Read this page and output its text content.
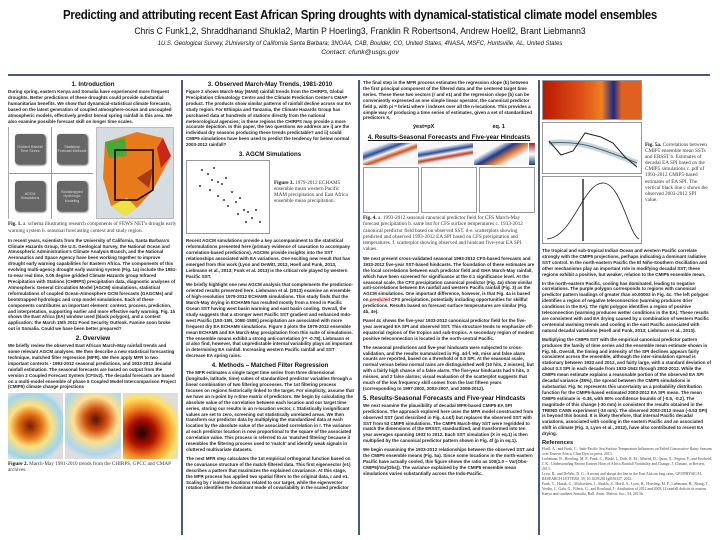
Predicting and attributing recent East African Spring droughts with dynamical-statistical climate model ensembles
Chris C Funk1,2, Shraddhanand Shukla2, Martin P Hoerling3, Franklin R Robertson4, Andrew Hoell2, Brant Liebmann3
1U.S. Geological Survey, 2University of California Santa Barbara; 3NOAA, CAB, Boulder, CO, United States, 4NASA, MSFC, Huntsville, AL, United States
Contact: cfunk@usgs.gov
1. Introduction
During spring, eastern Kenya and Somalia have experienced more frequent droughts. Better predictions of these droughts could provide substantial humanitarian benefits. We show that dynamical-statistical climate forecasts, based on the latest generation of coupled atmosphere-ocean and uncoupled atmospheric models, effectively predict boreal spring rainfall in this area. We also examine possible forecast skill on longer time scales.
Gridded Rainfall Time Series
Statistical Forecast Methods
AGCM Simulations
Bootstrapped Hydrologic Modeling
Fig. 1. a. schema illustrating research components of FEWS NET's drought early warning system b. seasonal forecasting context and study region.
In recent years, scientists from the University of California, Santa Barbara's Climate Hazards Group, the U.S. Geological Survey, the National Ocean and Atmospheric Administration's Climate Analysis Branch, and the National Aeronautics and Space Agency have been working together to improve drought early warning capabilities for Eastern Africa. The components of this evolving multi-agency drought early warning system (Fig. 1a) include the 1981-to-near real time, 0.05 degree gridded Climate Hazards group Infrared Precipitation with Stations (CHIRPS) precipitation data, diagnostic analyses of Atmospheric General Circulation Model (AGCM) simulations, statistical reformulations of coupled Ocean-Atmosphere GCM forecasts (GAGCMs) and bootstrapped hydrologic and crop model simulations. Each of these components contributes an important element: context, process, prediction, and interpretation, supporting earlier and more effective early warning. Fig. 1b shows the East Africa (EA) window used (black polygon), and a context application: the March 15th 2011 Food Security Outlook. Famine soon broke out in Somalia. Could we have been better prepared?
2. Overview
We briefly review the observed East African March-May rainfall trends and some relevant AGCM analyses. We then describe a new statistical forecasting technique, matched filter regression (MFR). We then apply MFR to two important contexts - 1993-2012 seasonal predictions, and 1933-2012 decadal rainfall estimation. The seasonal forecasts are based on output from the version 2 Coupled Forecast System (CFSv2). The decadal forecasts are based on a multi-model ensemble of phase 5 Coupled Model Intercomparison Project (CMIP5) climate change projections
Figure 2. March-May 1981-2010 trends from the CHIRPS, GPCC and CMAP archives.
3. Observed March-May Trends, 1981-2010
Figure 2 shows March-May (MAM) rainfall trends from the CHIRPS, Global Precipitation Climatology Centre and the Climate Prediction Center's CMAP product. The products show similar patterns of rainfall decline across our EA study region. For Ethiopia and Tanzania, the Climate Hazards Group has purchased data at hundreds of stations directly from the national meteorological agencies; in these regions the CHIRPS may provide a more accurate depiction. In this paper, the two questions we address are i) are the individual dry seasons producing these trends predictable? and ii) could CMIP5 simulations have been used to predict the tendency for below normal 2003-2012 rainfall?
3. AGCM Simulations
Figure 3. 1979-2012 ECHAM5 ensemble mean western Pacific MAM precipitation and East Africa ensemble mean precipitation.
Recent AGCM simulations provide a key accompaniment to the statistical reformulations presented here (primary evidence of causation to accompany correlation-based predictions). AGCMs provide insights into the SST relationships associated with EA variations. One exciting new result that has emerged from this work (Lyon and DeWitt, 2012, Hoell and Funk, 2013, Liebmann et al., 2013; Funk et al. 2013) is the critical role played by western Pacific SST.
We briefly highlight one new AGCM analysis that complements the prediction-oriented results presented here. Liebmann et al. (2013) examine an ensemble of high-resolution 1979-2012 ECHAM5 simulations. This study finds that the March-May drying in ECHAM5 has resulted mostly from a trend in Pacific Ocean SST having west basin warming and east basin cooling. Overall, the study suggests that a stronger west Pacific SST gradient and enhanced Indo-west Pacific (15S-15N, 105E-150E) precipitation are associated with more frequent dry EA ECHAM5 simulations. Figure 3 plots the 1979-2012 ensemble mean ECHAM5 and EA March-May precipitation from this suite of simulations. The ensemble means exhibit a strong anti-correlation (r= -0.78). Liebmann et al also find, however, that unpredictable internal variability plays an important in determining EA rainfall. Increasing western Pacific rainfall and SST decrease EA spring rains.
4. Methods – Matched Filter Regression
The MFR estimates a single target time series from three dimensional (longitude, latitude, time) cubes of standardized predictor variables through a linear combination of two filtering processes. The 1st filtering process focuses on regions historically linked to the target. For simplicity, assume that we have an n-point by n-time matrix of predictors. We begin by calculating the absolute value of the correlation between each location and our target time series, storing our results in an n-location vector, r. Statistically insignificant values are set to zero, screening out statistically unrelated areas. We then transform our predictor data by multiplying the standardized data at each location by the absolute value of the associated correlation in r. The variance at each predictor location is now proportional to the square of the associated correlation value. This process is referred to as 'matched filtering' because it resembles the filtering process used to 'match' and identify weak signals in cluttered multivariate datasets.
The next MFR step calculates the 1st empirical orthogonal function based on the covariance structure of the match-filtered data. This first eigenvector (e1) describes a pattern that maximizes the explained covariance. At this stage, the MFR process has applied two spatial filters to the original data, r and e1. Scaling by r isolates locations related to our target, while the eigenvector rotation identifies the dominant mode of covariability in the scaled predictor
The final step in the MFR process estimates the regression slope (b) between the first principal component of the filtered data and the centered target time series. These these two vectors (r and e1) and the regression slope (b) can be conveniently expressed as one simple linear operator, the canonical predictor field p, with pi = brie1i where i indexes over all the n-locations. This provides a simple way of producing a time series of estimates, given a set of standardized predictors X,
ŷest=pX	eq. 1
4. Results-Seasonal Forecasts and Five-year Hindcasts
Fig. 4. a. 1993-2012 seasonal canonical predictor field for CFS March-May forecast precipitation b. same but for CFS surface temperatures c. 1933-2012 canonical predictor field based on observed SST. d-e. scatterplots showing predicted and observed 1993-2012 EA SPI based on CFS precipitation and temperatures. f. scatterplot showing observed and hindcast five-year EA SPI values.
We next present cross-validated seasonal 1993-2012 CFS-based forecasts and 1933-2012 five-year SST-based hindcasts. The foundation of these estimates are the local correlations between each predictor field and GHA March-May rainfall, which have been screened for significance at the 0.1 significance level. At the seasonal scale, the CFS precipitation canonical predictor (Fig. 4a) show similar anti-correlations between EA rainfall and western Pacific rainfall (Fig. 3) as the AGCM simulations. One important difference, however, is that Fig. 4a is based on predicted CFS precipitation, potentially including opportunities for skillful predictions. Results based on forecast surface temperatures are similar (Fig. 4b, 4e).
Panel 4c shows the five-year 1933-2012 canonical predictor field for the five-year averaged EA SPI and observed SST. This structure tends to emphasize off-equatorial regions of the tropics and sub-tropics. A secondary region of modest positive teleconnection is located in the north-central Pacific.
The seasonal predictions and five-year hindcasts were subjected to cross-validation, and the results summarized in Fig. 4d-f. Hit, miss and false alarm counts are reported, based on a threshold of 0.0 SPI. At the seasonal scale, normal versus below normal rains are distinguished well (10 hits, 2 misses), but with a fairly high chance of a false alarm. The five-year hindcasts had 5 hits, 3 misses, and 2 false alarms; visual evaluation of the scatterplot suggests that much of the low frequency skill comes from the last fifteen years (corresponding to 1997-2002, 2003-2007, and 2008-2012).
5. Results-Seasonal Forecasts and Five-year Hindcasts
We next examine the plausibility of decadal MFR-based CMIP5 EA SPI predictions. The approach explored here uses the MFR model constructed from observed SST (and described in Fig. 4.c&f) but replaces the observed SST with SST from 53 CMIP5 simulations. The CMIP5 March-May SST were regridded to match the dimensions of the ERSST, standardized, and transformed into ten year averages spanning 1933 to 2012. Each SST simulation (X in eq.1) is then multiplied by the canonical predictor pattern shown in Fig. 4f (p in eq.1).
We begin examining the 1933-2012 relationships between the observed SST and the CMIP5 ensemble means (Fig. 5a). Since some locations in the north-eastern Pacific have actually cooled, this figure shows the ratio as 100(1.0 – Var(Obs-CMIP5)/Var(Obs)). The variance explained by the CMIP5 ensemble mean simulations varies substantially across the Indo-Pacific.
Fig. 5a. Correlations between CMIP5 ensemble mean SSTs and ERSST b. Estimates of decadal EA SPI based on the CMIP5 simulations c. pdf of 1993-2012 CMIP5-based estimates of EA SPI. The vertical black line c shows the observed 2003-2012 SPI value.
The tropical and sub-tropical Indian Ocean and western Pacific correlate strongly with the CMIP5 projections, perhaps indicating a dominant radiative SST control. In the north-eastern Pacific the El Niño-Southern Oscillation and other mechanisms play an important role in modifying decadal SST; these regions exhibit a positive, but weaker, relation to the CMIP5 ensemble mean.
In the north-eastern Pacific, cooling has dominated, leading to negative correlations. The purple polygon corresponds to regions with canonical predictor pattern loadings of greater than ±0.00003 in Fig. 4c. The left polygon identifies a region of negative teleconnection (warming produces drier conditions in the EA). The right polygon identifies a region of positive teleconnection (warming produces wetter conditions in the EA). These results are consistent with and EA drying caused by a combination of western Pacific centennial warming trends and cooling in the east Pacific associated with natural decadal variations (Hoell and Funk, 2013; Liebmann et al., 2013).
Multiplying the CMIP5 SST with the empirical canonical predictor pattern produces the family of time series and the ensemble mean estimate shown in Fig. 5b. Overall, the timing and intensity of the SPI declines appears fairly consistent across the ensemble, although the inter-simulation spread is stationary between 1933 and 2012, and fairly large, with a standard deviation of about 0.3 SPI in each decade from 1933-1942 through 2003-2012. While the CMIP5 mean estimate explains a reasonable portion of the observed EA SPI decadal variance (38%), the spread between the CMIP5 simulations is substantial. Fig. 5c represents this uncertainty as a probability distribution function for the CMIP5-based estimated 2003-2012 EA SPI mean. The mean CMIP5 estimate is -0.36, with 80% confidence bounds of [-0.5, -0.2]. The magnitude of this change (-30 mm) is consistent the results obtained in the TREND CAM5 experiment (-33 mm). The observed 2003-2012 mean (-0.53 SPI) is beyond this bound. It is likely therefore, that internal Pacific decadal variations, associated with cooling in the eastern Pacific and an associated shift in climate (Fig. 3, Lyon et al., 2012), have also contributed to recent EA drying.
References
Hoell, A., and Funk, C.: Indo-Pacific Sea Surface Temperature Influences on Failed Consecutive Rainy Seasons over Eastern Africa, Clim Dyn, in press, 2013.
Liebmann, B., Hoerling, M. P., Funk, C., Bladé, I., Dole, R. M., Allured, D., Quan, X., Pegion, P., and Eischeid, J. K.: Understanding Recent Eastern Horn of Africa Rainfall Variability and Change, J. Climate, in Review, 2013.
Lyon, B., and DeWitt, D. G.: A recent and abrupt decline in the East African long rains, GEOPHYSICAL RESEARCH LETTERS, 39, 10.1029/2011gl050337, 2012.
Funk, C., Husak, G., Michaelsen, J., Shukla, S., Hoell, A., Lyon, B., Hoerling, M. P., Liebmann, B., Zhang, T., Verdin, J., Galu, G., Eilerts, G., and Rowland, J.: Attribution of 2012 and 2003-12 rainfall deficits in eastern Kenya and southern Somalia, Bull. Amer. Meteor. Soc., 94, 2013b.
